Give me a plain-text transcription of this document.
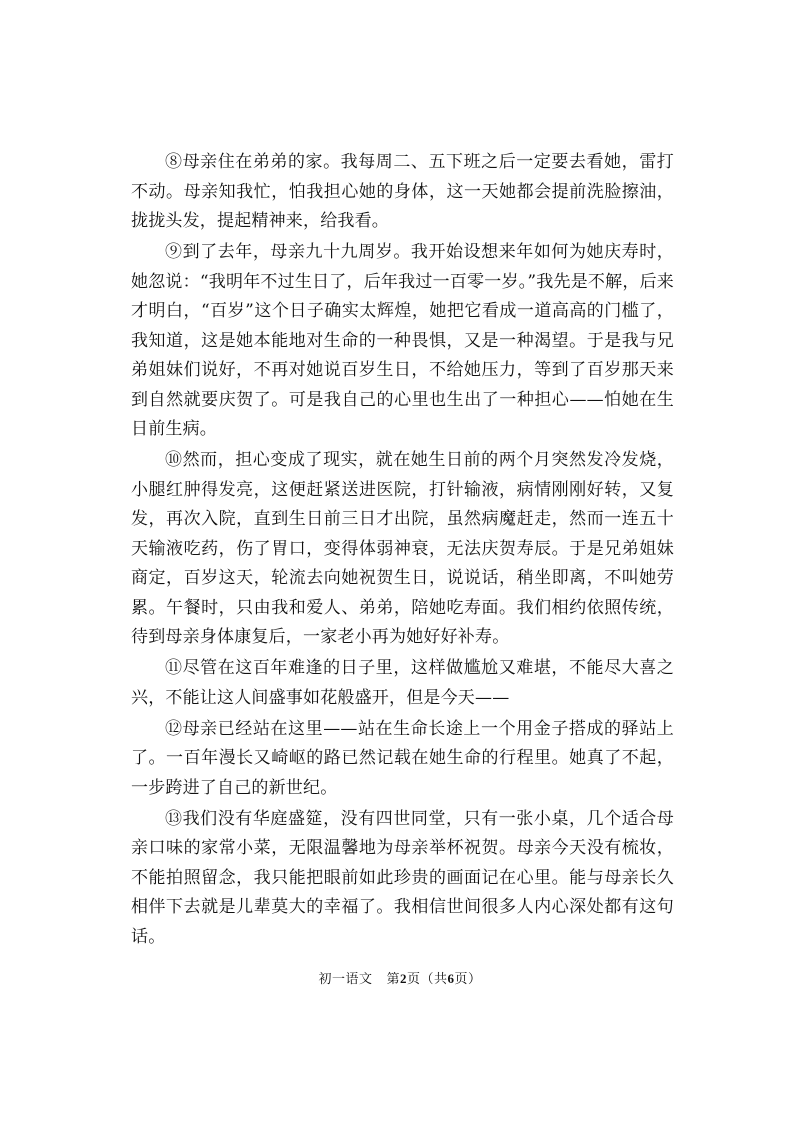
⑧母亲住在弟弟的家。我每周二、五下班之后一定要去看她，雷打不动。母亲知我忙，怕我担心她的身体，这一天她都会提前洗脸擦油，拢拢头发，提起精神来，给我看。

⑨到了去年，母亲九十九周岁。我开始设想来年如何为她庆寿时，她忽说：“我明年不过生日了，后年我过一百零一岁。”我先是不解，后来才明白，“百岁”这个日子确实太辉煌，她把它看成一道高高的门槛了，我知道，这是她本能地对生命的一种畏惧，又是一种渴望。于是我与兄弟姐妹们说好，不再对她说百岁生日，不给她压力，等到了百岁那天来到自然就要庆贺了。可是我自己的心里也生出了一种担心——怕她在生日前生病。

⑩然而，担心变成了现实，就在她生日前的两个月突然发冷发烧，小腿红肿得发亮，这便赶紧送进医院，打针输液，病情刚刚好转，又复发，再次入院，直到生日前三日才出院，虽然病魔赶走，然而一连五十天输液吃药，伤了胃口，变得体弱神衰，无法庆贺寿辰。于是兄弟姐妹商定，百岁这天，轮流去向她祝贺生日，说说话，稍坐即离，不叫她劳累。午餐时，只由我和爱人、弟弟，陪她吃寿面。我们相约依照传统，待到母亲身体康复后，一家老小再为她好好补寿。

⑪尽管在这百年难逢的日子里，这样做尴尬又难堪，不能尽大喜之兴，不能让这人间盛事如花般盛开，但是今天——

⑫母亲已经站在这里——站在生命长途上一个用金子搭成的驿站上了。一百年漫长又崎岖的路已然记载在她生命的行程里。她真了不起，一步跨进了自己的新世纪。

⑬我们没有华庭盛筵，没有四世同堂，只有一张小桌，几个适合母亲口味的家常小菜，无限温馨地为母亲举杯祝贺。母亲今天没有梳妆，不能拍照留念，我只能把眼前如此珍贵的画面记在心里。能与母亲长久相伴下去就是儿辈莫大的幸福了。我相信世间很多人内心深处都有这句话。

初一语文 第2页（共6页）
